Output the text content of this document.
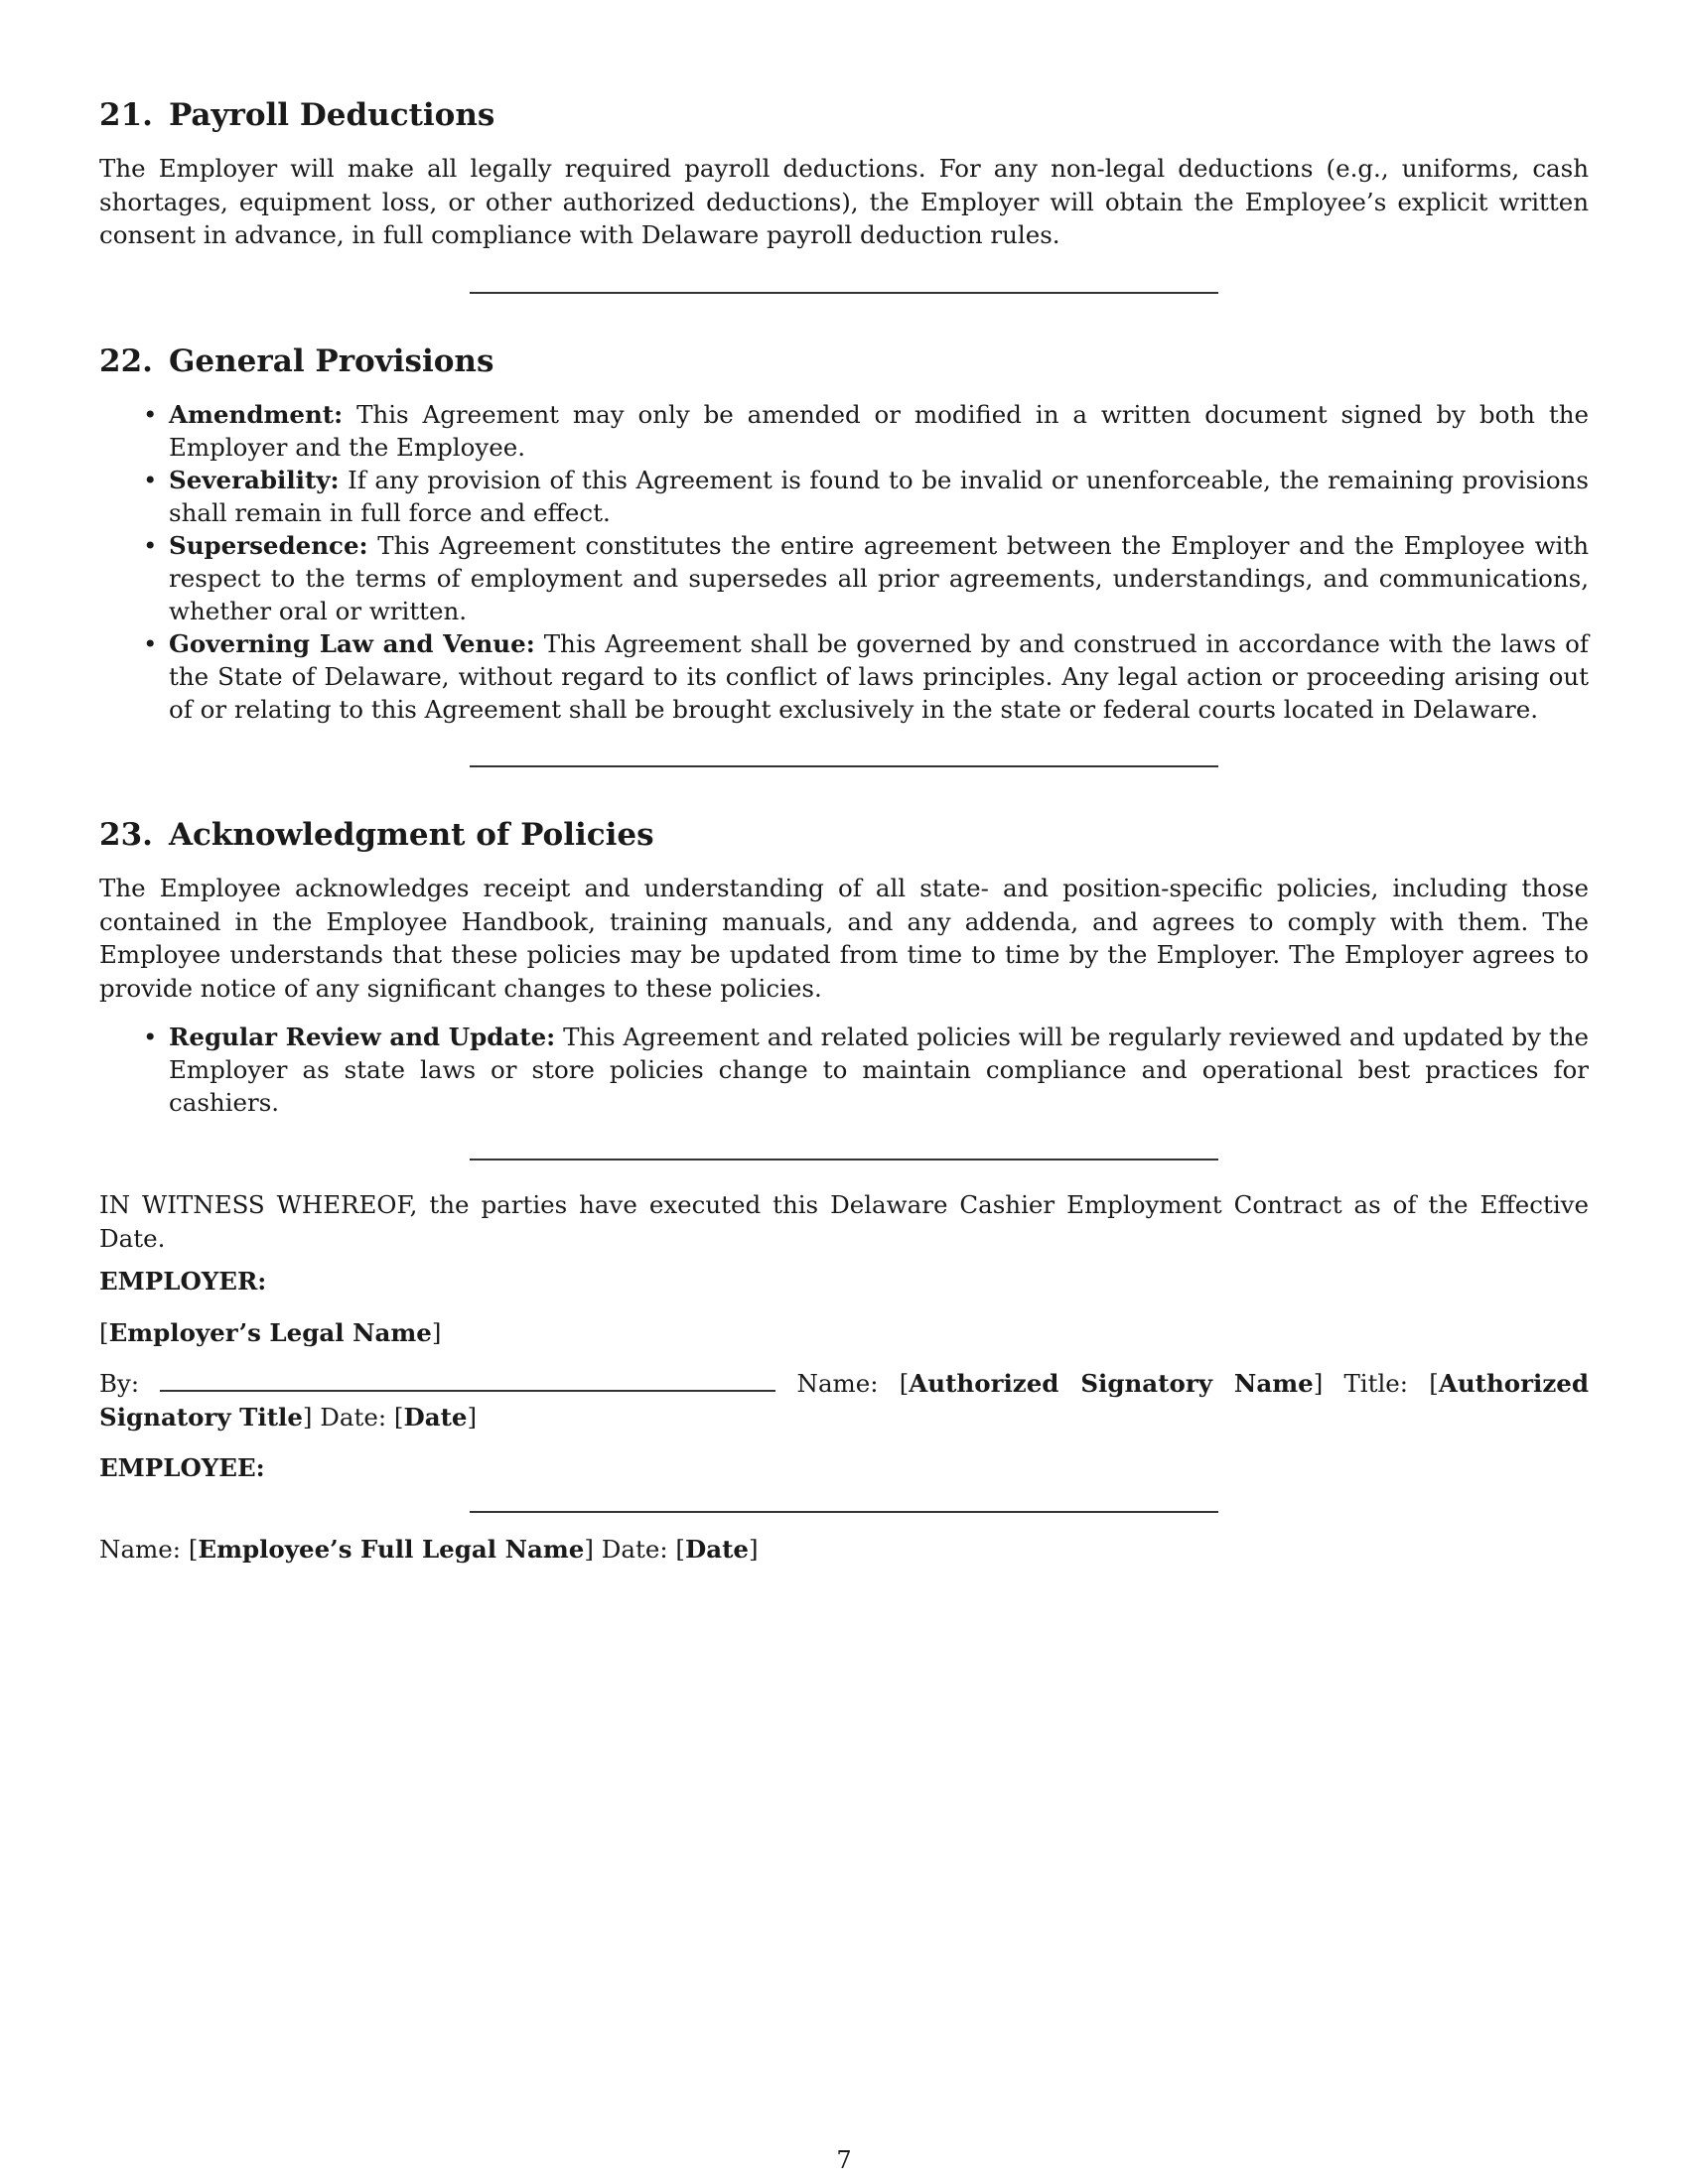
21. Payroll Deductions

The Employer will make all legally required payroll deductions. For any non-legal deductions (e.g., uniforms, cash shortages, equipment loss, or other authorized deductions), the Employer will obtain the Employee’s explicit written consent in advance, in full compliance with Delaware payroll deduction rules.

22. General Provisions
• Amendment: This Agreement may only be amended or modified in a written document signed by both the Employer and the Employee.
• Severability: If any provision of this Agreement is found to be invalid or unenforceable, the remaining provisions shall remain in full force and effect.
• Supersedence: This Agreement constitutes the entire agreement between the Employer and the Employee with respect to the terms of employment and supersedes all prior agreements, understandings, and communications, whether oral or written.
• Governing Law and Venue: This Agreement shall be governed by and construed in accordance with the laws of the State of Delaware, without regard to its conflict of laws principles. Any legal action or proceeding arising out of or relating to this Agreement shall be brought exclusively in the state or federal courts located in Delaware.
23. Acknowledgment of Policies

The Employee acknowledges receipt and understanding of all state- and position-specific policies, including those contained in the Employee Handbook, training manuals, and any addenda, and agrees to comply with them. The Employee understands that these policies may be updated from time to time by the Employer. The Employer agrees to provide notice of any significant changes to these policies.

• Regular Review and Update: This Agreement and related policies will be regularly reviewed and updated by the Employer as state laws or store policies change to maintain compliance and operational best practices for cashiers.

IN WITNESS WHEREOF, the parties have executed this Delaware Cashier Employment Contract as of the Effective Date.

EMPLOYER:

[Employer’s Legal Name]

By:	Name: [Authorized Signatory Name] Title: [Authorized Signatory Title] Date: [Date]

EMPLOYEE:

Name: [Employee’s Full Legal Name] Date: [Date]

7
